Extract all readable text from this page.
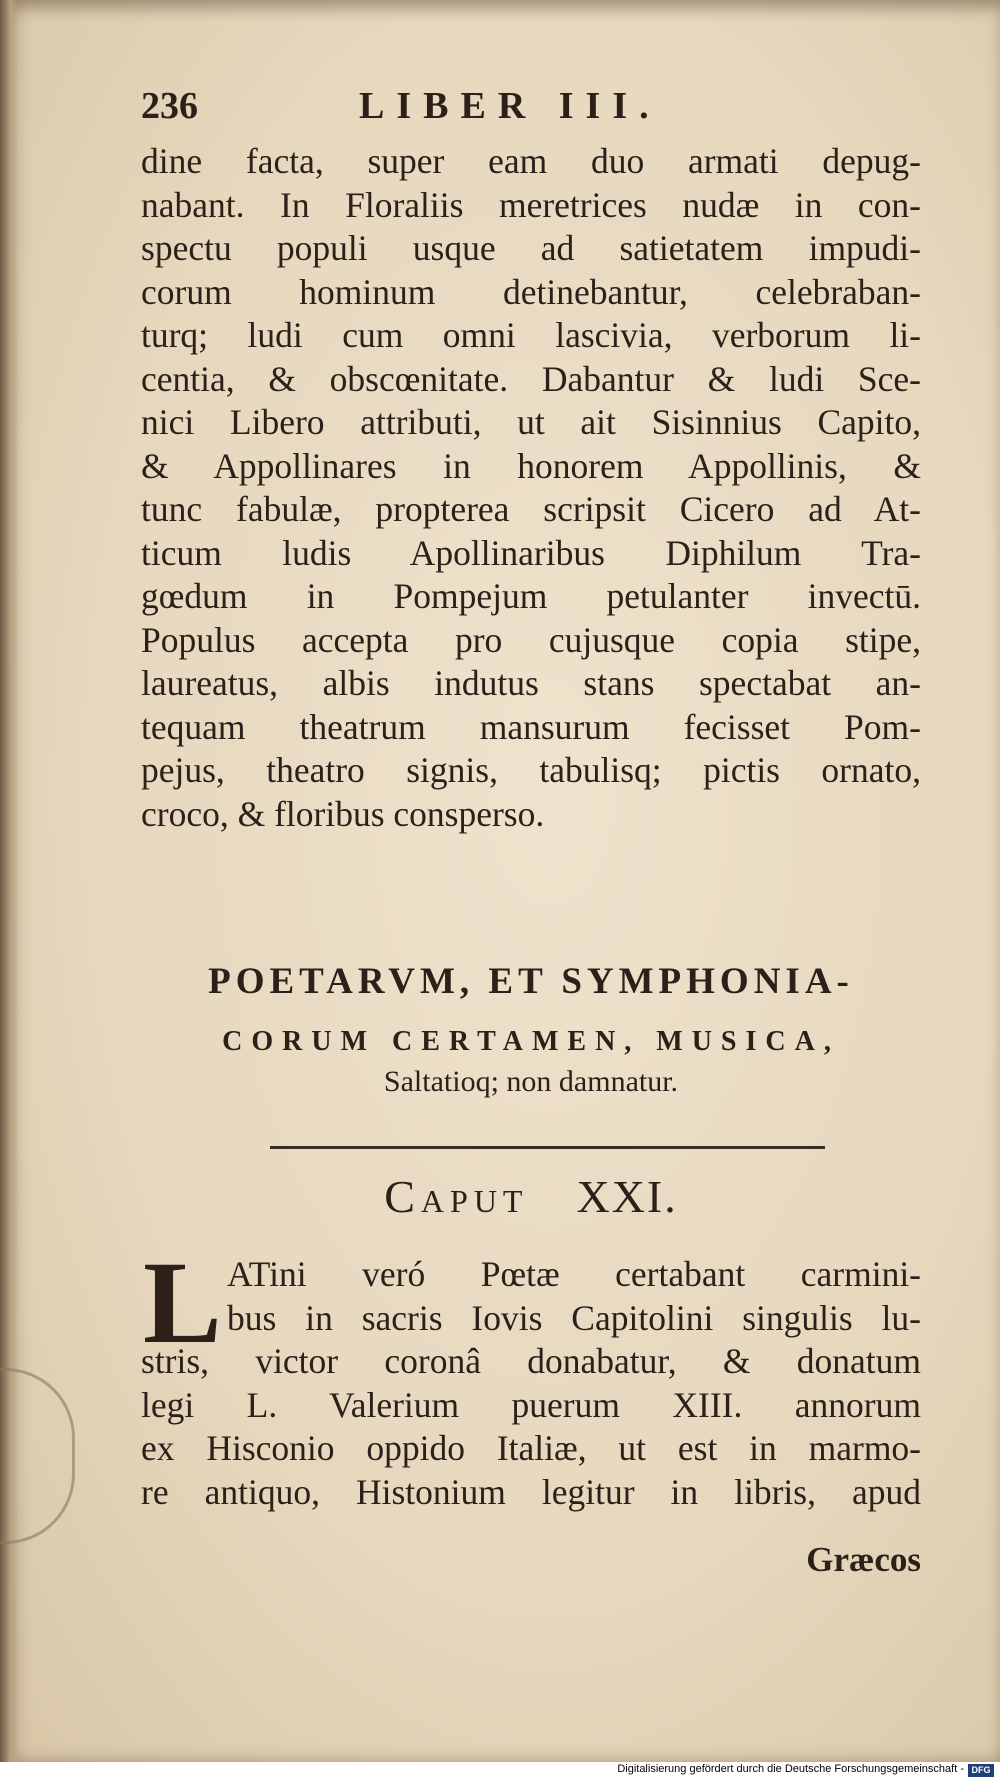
236	LIBER III.
dine facta, super eam duo armati depug-
nabant. In Floraliis meretrices nudæ in con-
spectu populi usque ad satietatem impudi-
corum hominum detinebantur, celebraban-
turq; ludi cum omni lascivia, verborum li-
centia, & obscœnitate. Dabantur & ludi Sce-
nici Libero attributi, ut ait Sisinnius Capito,
& Appollinares in honorem Appollinis, &
tunc fabulæ, propterea scripsit Cicero ad At-
ticum ludis Apollinaribus Diphilum Tra-
gœdum in Pompejum petulanter invectū.
Populus accepta pro cujusque copia stipe,
laureatus, albis indutus stans spectabat an-
tequam theatrum mansurum fecisset Pom-
pejus, theatro signis, tabulisq; pictis ornato,
croco, & floribus consperso.
POETARVM, ET SYMPHONIA-
CORUM CERTAMEN, MUSICA,
Saltatioq; non damnatur.
Caput XXI.
L ATini veró Pœtæ certabant carmini-
bus in sacris Iovis Capitolini singulis lu-
stris, victor coronâ donabatur, & donatum
legi L. Valerium puerum XIII. annorum
ex Hisconio oppido Italiæ, ut est in marmo-
re antiquo, Histonium legitur in libris, apud
Græcos
Digitalisierung gefördert durch die Deutsche Forschungsgemeinschaft - DFG
